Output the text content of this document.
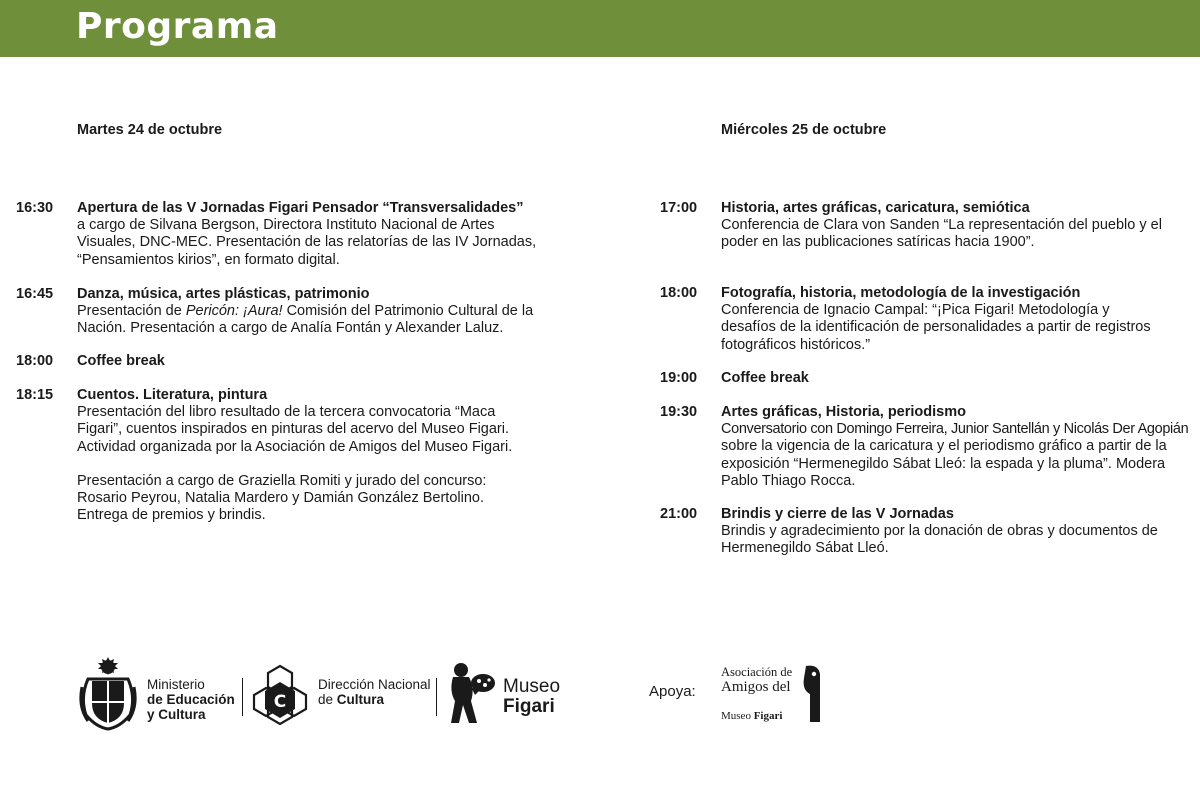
Programa
Martes 24 de octubre
16:30	Apertura de las V Jornadas Figari Pensador “Transversalidades”
a cargo de Silvana Bergson, Directora Instituto Nacional de Artes
Visuales, DNC-MEC. Presentación de las relatorías de las IV Jornadas,
“Pensamientos kirios”, en formato digital.
16:45	Danza, música, artes plásticas, patrimonio
Presentación de Pericón: ¡Aura! Comisión del Patrimonio Cultural de la
Nación. Presentación a cargo de Analía Fontán y Alexander Laluz.
18:00	Coffee break
18:15	Cuentos. Literatura, pintura
Presentación del libro resultado de la tercera convocatoria “Maca
Figari”, cuentos inspirados en pinturas del acervo del Museo Figari.
Actividad organizada por la Asociación de Amigos del Museo Figari.
Presentación a cargo de Graziella Romiti y jurado del concurso:
Rosario Peyrou, Natalia Mardero y Damián González Bertolino.
Entrega de premios y brindis.
Miércoles 25 de octubre
17:00	Historia, artes gráficas, caricatura, semiótica
Conferencia de Clara von Sanden “La representación del pueblo y el
poder en las publicaciones satíricas hacia 1900”.
18:00	Fotografía, historia, metodología de la investigación
Conferencia de Ignacio Campal: “¡Pica Figari! Metodología y
desafíos de la identificación de personalidades a partir de registros
fotográficos históricos.”
19:00	Coffee break
19:30	Artes gráficas, Historia, periodismo
Conversatorio con Domingo Ferreira, Junior Santellán y Nicolás Der Agopián
sobre la vigencia de la caricatura y el periodismo gráfico a partir de la
exposición “Hermenegildo Sábat Lleó: la espada y la pluma”. Modera
Pablo Thiago Rocca.
21:00	Brindis y cierre de las V Jornadas
Brindis y agradecimiento por la donación de obras y documentos de
Hermenegildo Sábat Lleó.
Ministerio
de Educación
y Cultura
C
Dirección Nacional
de Cultura
Museo
Figari
Apoya:
Asociación de
Amigos del
Museo Figari
